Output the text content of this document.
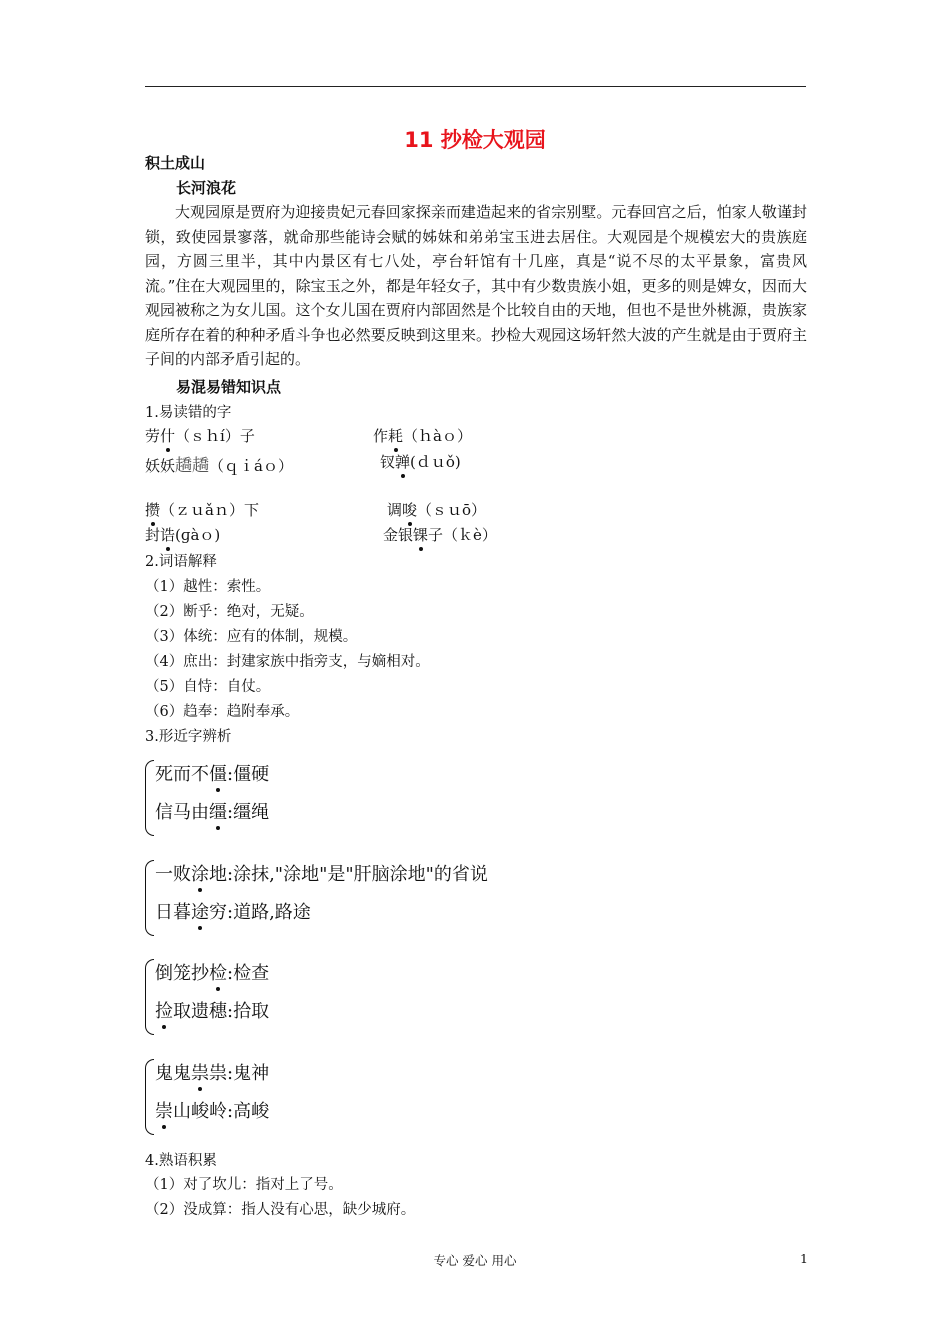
11 抄检大观园
积土成山
长河浪花

大观园原是贾府为迎接贵妃元春回家探亲而建造起来的省宗别墅。元春回宫之后，怕家人敬谨封锁，致使园景寥落，就命那些能诗会赋的姊妹和弟弟宝玉进去居住。大观园是个规模宏大的贵族庭园，方圆三里半，其中内景区有七八处，亭台轩馆有十几座，真是“说不尽的太平景象，富贵风流。”住在大观园里的，除宝玉之外，都是年轻女子，其中有少数贵族小姐，更多的则是婢女，因而大观园被称之为女儿国。这个女儿国在贾府内部固然是个比较自由的天地，但也不是世外桃源，贵族家庭所存在着的种种矛盾斗争也必然要反映到这里来。抄检大观园这场轩然大波的产生就是由于贾府主子间的内部矛盾引起的。

易混易错知识点
1.易读错的字
劳什（ｓｈí）子	作耗（ｈàｏ）
妖妖趫趫（ｑｉáｏ）	钗亸(ｄｕǒ)
攒（ｚｕǎｎ）下	调唆（ｓｕō）
封诰(ɡàｏ)	金银锞子（ｋè）
2.词语解释
（1）越性：索性。
（2）断乎：绝对，无疑。
（3）体统：应有的体制，规模。
（4）庶出：封建家族中指旁支，与嫡相对。
（5）自恃：自仗。
（6）趋奉：趋附奉承。
3.形近字辨析
死而不僵:僵硬
信马由缰:缰绳
一败涂地:涂抹,"涂地"是"肝脑涂地"的省说
日暮途穷:道路,路途
倒笼抄检:检查
捡取遗穗:拾取
鬼鬼祟祟:鬼神
崇山峻岭:高峻
4.熟语积累
（1）对了坎儿：指对上了号。
（2）没成算：指人没有心思，缺少城府。
专心 爱心 用心	1
